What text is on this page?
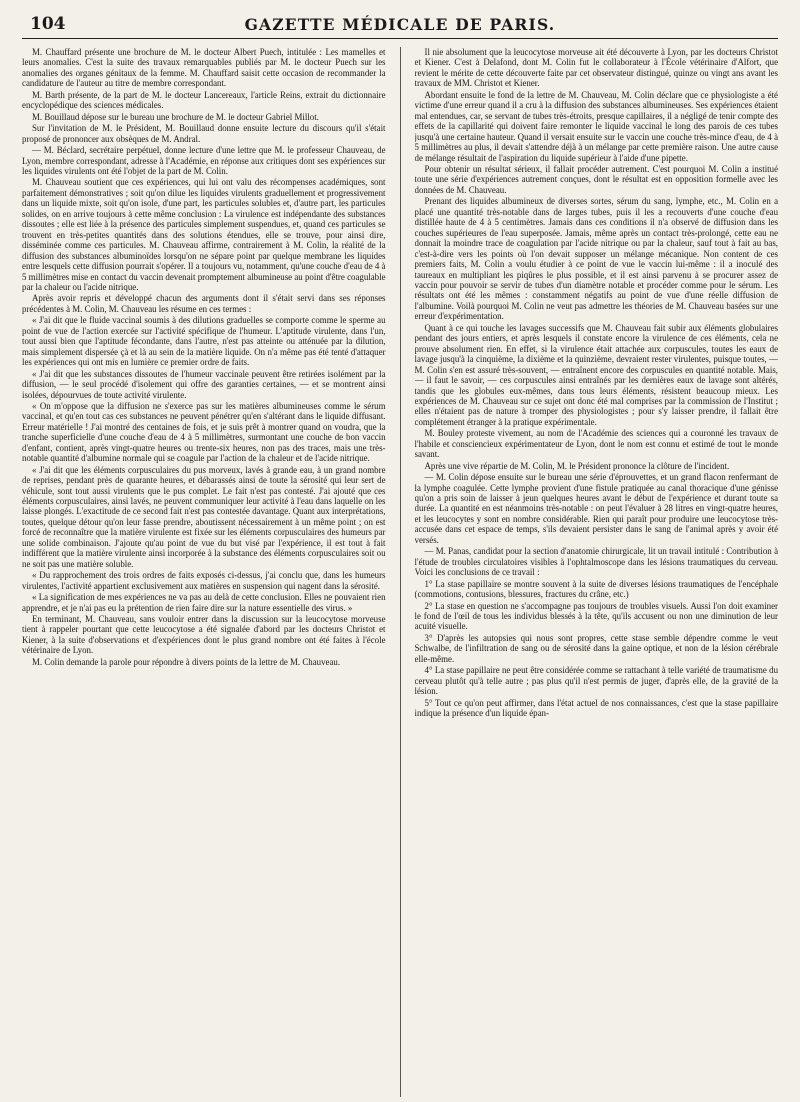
104	GAZETTE MÉDICALE DE PARIS.

M. Chauffard présente une brochure de M. le docteur Albert Puech, intitulée : Les mamelles et leurs anomalies. C'est la suite des travaux remarquables publiés par M. le docteur Puech sur les anomalies des organes génitaux de la femme. M. Chauffard saisit cette occasion de recommander la candidature de l'auteur au titre de membre correspondant.

M. Barth présente, de la part de M. le docteur Lancereaux, l'article Reins, extrait du dictionnaire encyclopédique des sciences médicales.

M. Bouillaud dépose sur le bureau une brochure de M. le docteur Gabriel Millot.

Sur l'invitation de M. le Président, M. Bouillaud donne ensuite lecture du discours qu'il s'était proposé de prononcer aux obsèques de M. Andral.

— M. Béclard, secrétaire perpétuel, donne lecture d'une lettre que M. le professeur Chauveau, de Lyon, membre correspondant, adresse à l'Académie, en réponse aux critiques dont ses expériences sur les liquides virulents ont été l'objet de la part de M. Colin.

M. Chauveau soutient que ces expériences, qui lui ont valu des récompenses académiques, sont parfaitement démonstratives ; soit qu'on dilue les liquides virulents graduellement et progressivement dans un liquide mixte, soit qu'on isole, d'une part, les particules solubles et, d'autre part, les particules solides, on en arrive toujours à cette même conclusion : La virulence est indépendante des substances dissoutes ; elle est liée à la présence des particules simplement suspendues, et, quand ces particules se trouvent en très-petites quantités dans des solutions étendues, elle se trouve, pour ainsi dire, disséminée comme ces particules. M. Chauveau affirme, contrairement à M. Colin, la réalité de la diffusion des substances albuminoïdes lorsqu'on ne sépare point par quelque membrane les liquides entre lesquels cette diffusion pourrait s'opérer. Il a toujours vu, notamment, qu'une couche d'eau de 4 à 5 millimètres mise en contact du vaccin devenait promptement albumineuse au point d'être coagulable par la chaleur ou l'acide nitrique.

Après avoir repris et développé chacun des arguments dont il s'était servi dans ses réponses précédentes à M. Colin, M. Chauveau les résume en ces termes :

« J'ai dit que le fluide vaccinal soumis à des dilutions graduelles se comporte comme le sperme au point de vue de l'action exercée sur l'activité spécifique de l'humeur. L'aptitude virulente, dans l'un, tout aussi bien que l'aptitude fécondante, dans l'autre, n'est pas atteinte ou atténuée par la dilution, mais simplement dispersée çà et là au sein de la matière liquide. On n'a même pas été tenté d'attaquer les expériences qui ont mis en lumière ce premier ordre de faits.

« J'ai dit que les substances dissoutes de l'humeur vaccinale peuvent être retirées isolément par la diffusion, — le seul procédé d'isolement qui offre des garanties certaines, — et se montrent ainsi isolées, dépourvues de toute activité virulente.

« On m'oppose que la diffusion ne s'exerce pas sur les matières albumineuses comme le sérum vaccinal, et qu'en tout cas ces substances ne peuvent pénétrer qu'en s'altérant dans le liquide diffusant. Erreur matérielle ! J'ai montré des centaines de fois, et je suis prêt à montrer quand on voudra, que la tranche superficielle d'une couche d'eau de 4 à 5 millimètres, surmontant une couche de bon vaccin d'enfant, contient, après vingt-quatre heures ou trente-six heures, non pas des traces, mais une très-notable quantité d'albumine normale qui se coagule par l'action de la chaleur et de l'acide nitrique.

« J'ai dit que les éléments corpusculaires du pus morveux, lavés à grande eau, à un grand nombre de reprises, pendant près de quarante heures, et débarassés ainsi de toute la sérosité qui leur sert de véhicule, sont tout aussi virulents que le pus complet. Le fait n'est pas contesté. J'ai ajouté que ces éléments corpusculaires, ainsi lavés, ne peuvent communiquer leur activité à l'eau dans laquelle on les laisse plongés. L'exactitude de ce second fait n'est pas contestée davantage. Quant aux interprétations, toutes, quelque détour qu'on leur fasse prendre, aboutissent nécessairement à un même point ; on est forcé de reconnaître que la matière virulente est fixée sur les éléments corpusculaires des humeurs par une solide combinaison. J'ajoute qu'au point de vue du but visé par l'expérience, il est tout à fait indifférent que la matière virulente ainsi incorporée à la substance des éléments corpusculaires soit ou ne soit pas une matière soluble.

« Du rapprochement des trois ordres de faits exposés ci-dessus, j'ai conclu que, dans les humeurs virulentes, l'activité appartient exclusivement aux matières en suspension qui nagent dans la sérosité.

« La signification de mes expériences ne va pas au delà de cette conclusion. Elles ne pouvaient rien apprendre, et je n'ai pas eu la prétention de rien faire dire sur la nature essentielle des virus. »

En terminant, M. Chauveau, sans vouloir entrer dans la discussion sur la leucocytose morveuse tient à rappeler pourtant que cette leucocytose a été signalée d'abord par les docteurs Christot et Kiener, à la suite d'observations et d'expériences dont le plus grand nombre ont été faites à l'école vétérinaire de Lyon.

M. Colin demande la parole pour répondre à divers points de la lettre de M. Chauveau.

Il nie absolument que la leucocytose morveuse ait été découverte à Lyon, par les docteurs Christot et Kiener. C'est à Delafond, dont M. Colin fut le collaborateur à l'École vétérinaire d'Alfort, que revient le mérite de cette découverte faite par cet observateur distingué, quinze ou vingt ans avant les travaux de MM. Christot et Kiener.

Abordant ensuite le fond de la lettre de M. Chauveau, M. Colin déclare que ce physiologiste a été victime d'une erreur quand il a cru à la diffusion des substances albumineuses. Ses expériences étaient mal entendues, car, se servant de tubes très-étroits, presque capillaires, il a négligé de tenir compte des effets de la capillarité qui doivent faire remonter le liquide vaccinal le long des parois de ces tubes jusqu'à une certaine hauteur. Quand il versait ensuite sur le vaccin une couche très-mince d'eau, de 4 à 5 millimètres au plus, il devait s'attendre déjà à un mélange par cette première raison. Une autre cause de mélange résultait de l'aspiration du liquide supérieur à l'aide d'une pipette.

Pour obtenir un résultat sérieux, il fallait procéder autrement. C'est pourquoi M. Colin a institué toute une série d'expériences autrement conçues, dont le résultat est en opposition formelle avec les données de M. Chauveau.

Prenant des liquides albumineux de diverses sortes, sérum du sang, lymphe, etc., M. Colin en a placé une quantité très-notable dans de larges tubes, puis il les a recouverts d'une couche d'eau distillée haute de 4 à 5 centimètres. Jamais dans ces conditions il n'a observé de diffusion dans les couches supérieures de l'eau superposée. Jamais, même après un contact très-prolongé, cette eau ne donnait la moindre trace de coagulation par l'acide nitrique ou par la chaleur, sauf tout à fait au bas, c'est-à-dire vers les points où l'on devait supposer un mélange mécanique. Non content de ces premiers faits, M. Colin a voulu étudier à ce point de vue le vaccin lui-même : il a inoculé des taureaux en multipliant les piqûres le plus possible, et il est ainsi parvenu à se procurer assez de vaccin pour pouvoir se servir de tubes d'un diamètre notable et procéder comme pour le sérum. Les résultats ont été les mêmes : constamment négatifs au point de vue d'une réelle diffusion de l'albumine. Voilà pourquoi M. Colin ne veut pas admettre les théories de M. Chauveau basées sur une erreur d'expérimentation.

Quant à ce qui touche les lavages successifs que M. Chauveau fait subir aux éléments globulaires pendant des jours entiers, et après lesquels il constate encore la virulence de ces éléments, cela ne prouve absolument rien. En effet, si la virulence était attachée aux corpuscules, toutes les eaux de lavage jusqu'à la cinquième, la dixième et la quinzième, devraient rester virulentes, puisque toutes, — M. Colin s'en est assuré très-souvent, — entraînent encore des corpuscules en quantité notable. Mais, — il faut le savoir, — ces corpuscules ainsi entraînés par les dernières eaux de lavage sont altérés, tandis que les globules eux-mêmes, dans tous leurs éléments, résistent beaucoup mieux. Les expériences de M. Chauveau sur ce sujet ont donc été mal comprises par la commission de l'Institut ; elles n'étaient pas de nature à tromper des physiologistes ; pour s'y laisser prendre, il fallait être complétement étranger à la pratique expérimentale.

M. Bouley proteste vivement, au nom de l'Académie des sciences qui a couronné les travaux de l'habile et consciencieux expérimentateur de Lyon, dont le nom est connu et estimé de tout le monde savant.

Après une vive répartie de M. Colin, M. le Président prononce la clôture de l'incident.

— M. Colin dépose ensuite sur le bureau une série d'éprouvettes, et un grand flacon renfermant de la lymphe coagulée. Cette lymphe provient d'une fistule pratiquée au canal thoracique d'une génisse qu'on a pris soin de laisser à jeun quelques heures avant le début de l'expérience et durant toute sa durée. La quantité en est néanmoins très-notable : on peut l'évaluer à 28 litres en vingt-quatre heures, et les leucocytes y sont en nombre considérable. Rien qui paraît pour produire une leucocytose très-accusée dans cet espace de temps, s'ils devaient persister dans le sang de l'animal après y avoir été versés.

— M. Panas, candidat pour la section d'anatomie chirurgicale, lit un travail intitulé : Contribution à l'étude de troubles circulatoires visibles à l'ophtalmoscope dans les lésions traumatiques du cerveau. Voici les conclusions de ce travail :

1° La stase papillaire se montre souvent à la suite de diverses lésions traumatiques de l'encéphale (commotions, contusions, blessures, fractures du crâne, etc.)

2° La stase en question ne s'accompagne pas toujours de troubles visuels. Aussi l'on doit examiner le fond de l'œil de tous les individus blessés à la tête, qu'ils accusent ou non une diminution de leur acuité visuelle.

3° D'après les autopsies qui nous sont propres, cette stase semble dépendre comme le veut Schwalbe, de l'infiltration de sang ou de sérosité dans la gaine optique, et non de la lésion cérébrale elle-même.

4° La stase papillaire ne peut être considérée comme se rattachant à telle variété de traumatisme du cerveau plutôt qu'à telle autre ; pas plus qu'il n'est permis de juger, d'après elle, de la gravité de la lésion.

5° Tout ce qu'on peut affirmer, dans l'état actuel de nos connaissances, c'est que la stase papillaire indique la présence d'un liquide épan-
